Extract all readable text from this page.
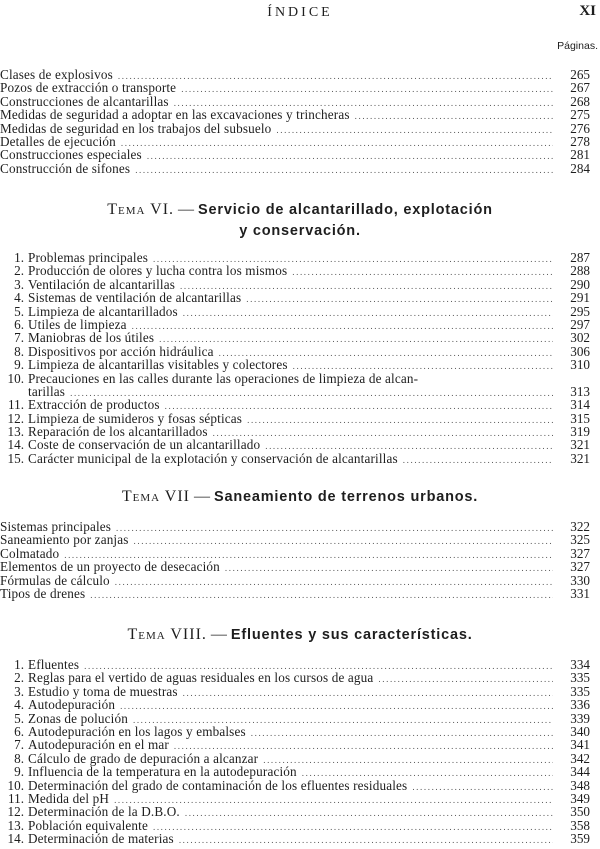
ÍNDICE	XI
Páginas.
Clases de explosivos .....	265
Pozos de extracción o transporte .....	267
Construcciones de alcantarillas .....	268
Medidas de seguridad a adoptar en las excavaciones y trincheras .....	275
Medidas de seguridad en los trabajos del subsuelo .....	276
Detalles de ejecución .....	278
Construcciones especiales .....	281
Construcción de sifones .....	284
Tema VI. — Servicio de alcantarillado, explotación
y conservación.
1. Problemas principales .....	287
2. Producción de olores y lucha contra los mismos .....	288
3. Ventilación de alcantarillas .....	290
4. Sistemas de ventilación de alcantarillas .....	291
5. Limpieza de alcantarillados .....	295
6. Utiles de limpieza .....	297
7. Maniobras de los útiles .....	302
8. Dispositivos por acción hidráulica .....	306
9. Limpieza de alcantarillas visitables y colectores .....	310
10. Precauciones en las calles durante las operaciones de limpieza de alcan-
tarillas .....	313
11. Extracción de productos .....	314
12. Limpieza de sumideros y fosas sépticas .....	315
13. Reparación de los alcantarillados .....	319
14. Coste de conservación de un alcantarillado .....	321
15. Carácter municipal de la explotación y conservación de alcantarillas .....	321
Tema VII — Saneamiento de terrenos urbanos.
Sistemas principales .....	322
Saneamiento por zanjas .....	325
Colmatado .....	327
Elementos de un proyecto de desecación .....	327
Fórmulas de cálculo .....	330
Tipos de drenes .....	331
Tema VIII. — Efluentes y sus características.
1. Efluentes .....	334
2. Reglas para el vertido de aguas residuales en los cursos de agua .....	335
3. Estudio y toma de muestras .....	335
4. Autodepuración .....	336
5. Zonas de polución .....	339
6. Autodepuración en los lagos y embalses .....	340
7. Autodepuración en el mar .....	341
8. Cálculo de grado de depuración a alcanzar .....	342
9. Influencia de la temperatura en la autodepuración .....	344
10. Determinación del grado de contaminación de los efluentes residuales .....	348
11. Medida del pH .....	349
12. Determinación de la D.B.O. .....	350
13. Población equivalente .....	358
14. Determinación de materias .....	359
